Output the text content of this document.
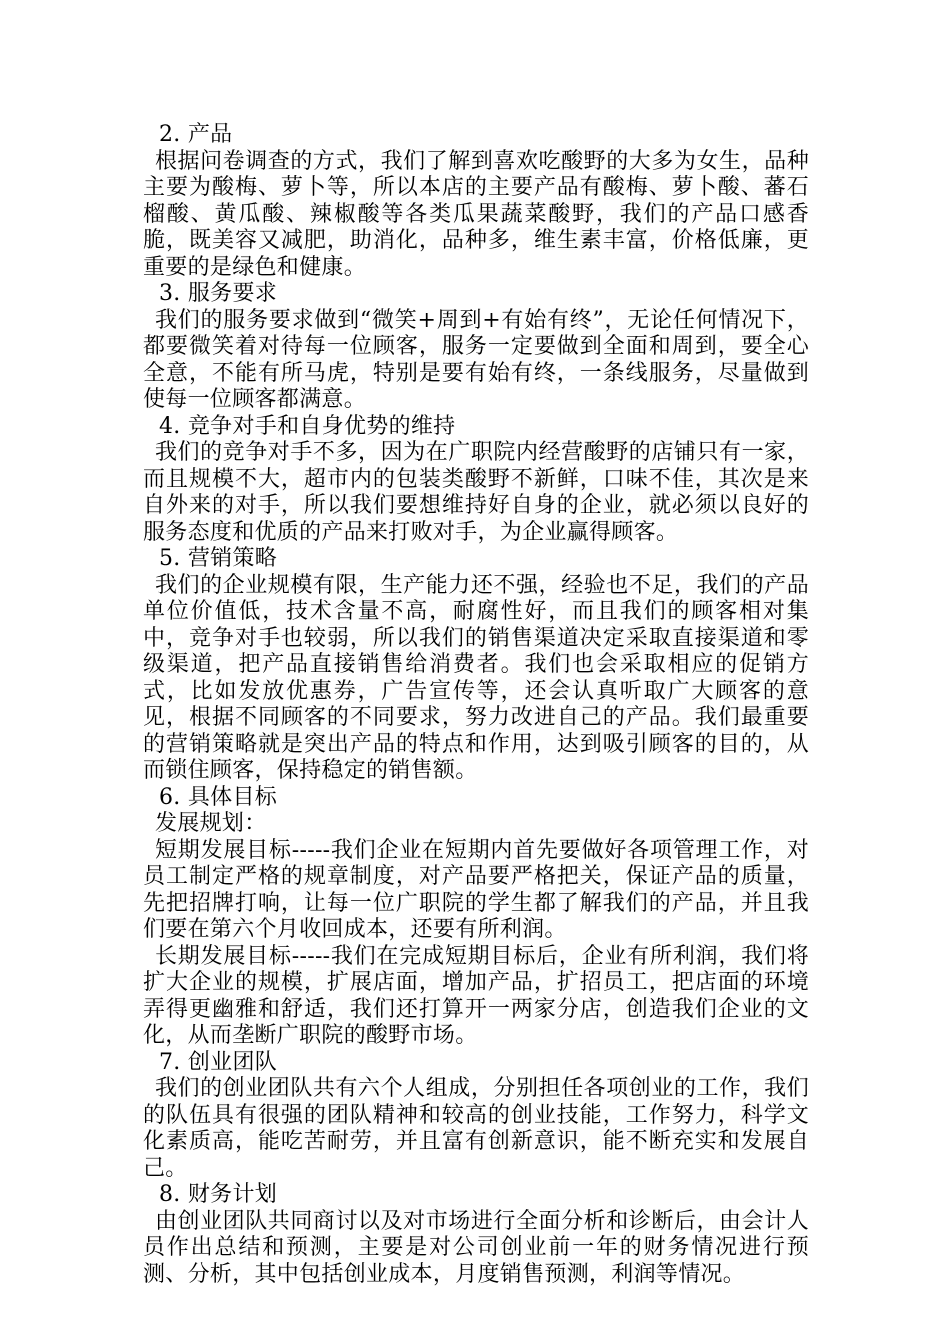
2. 产品
根据问卷调查的方式，我们了解到喜欢吃酸野的大多为女生，品种主要为酸梅、萝卜等，所以本店的主要产品有酸梅、萝卜酸、蕃石榴酸、黄瓜酸、辣椒酸等各类瓜果蔬菜酸野，我们的产品口感香脆，既美容又减肥，助消化，品种多，维生素丰富，价格低廉，更重要的是绿色和健康。
3. 服务要求
我们的服务要求做到“微笑+周到+有始有终”，无论任何情况下，都要微笑着对待每一位顾客，服务一定要做到全面和周到，要全心全意，不能有所马虎，特别是要有始有终，一条线服务，尽量做到使每一位顾客都满意。
4. 竞争对手和自身优势的维持
我们的竞争对手不多，因为在广职院内经营酸野的店铺只有一家，而且规模不大，超市内的包装类酸野不新鲜，口味不佳，其次是来自外来的对手，所以我们要想维持好自身的企业，就必须以良好的服务态度和优质的产品来打败对手，为企业赢得顾客。
5. 营销策略
我们的企业规模有限，生产能力还不强，经验也不足，我们的产品单位价值低，技术含量不高，耐腐性好，而且我们的顾客相对集中，竞争对手也较弱，所以我们的销售渠道决定采取直接渠道和零级渠道，把产品直接销售给消费者。我们也会采取相应的促销方式，比如发放优惠券，广告宣传等，还会认真听取广大顾客的意见，根据不同顾客的不同要求，努力改进自己的产品。我们最重要的营销策略就是突出产品的特点和作用，达到吸引顾客的目的，从而锁住顾客，保持稳定的销售额。
6. 具体目标
发展规划：
短期发展目标-----我们企业在短期内首先要做好各项管理工作，对员工制定严格的规章制度，对产品要严格把关，保证产品的质量，先把招牌打响，让每一位广职院的学生都了解我们的产品，并且我们要在第六个月收回成本，还要有所利润。
长期发展目标-----我们在完成短期目标后，企业有所利润，我们将扩大企业的规模，扩展店面，增加产品，扩招员工，把店面的环境弄得更幽雅和舒适，我们还打算开一两家分店，创造我们企业的文化，从而垄断广职院的酸野市场。
7. 创业团队
我们的创业团队共有六个人组成，分别担任各项创业的工作，我们的队伍具有很强的团队精神和较高的创业技能，工作努力，科学文化素质高，能吃苦耐劳，并且富有创新意识，能不断充实和发展自己。
8. 财务计划
由创业团队共同商讨以及对市场进行全面分析和诊断后，由会计人员作出总结和预测，主要是对公司创业前一年的财务情况进行预测、分析，其中包括创业成本，月度销售预测，利润等情况。
